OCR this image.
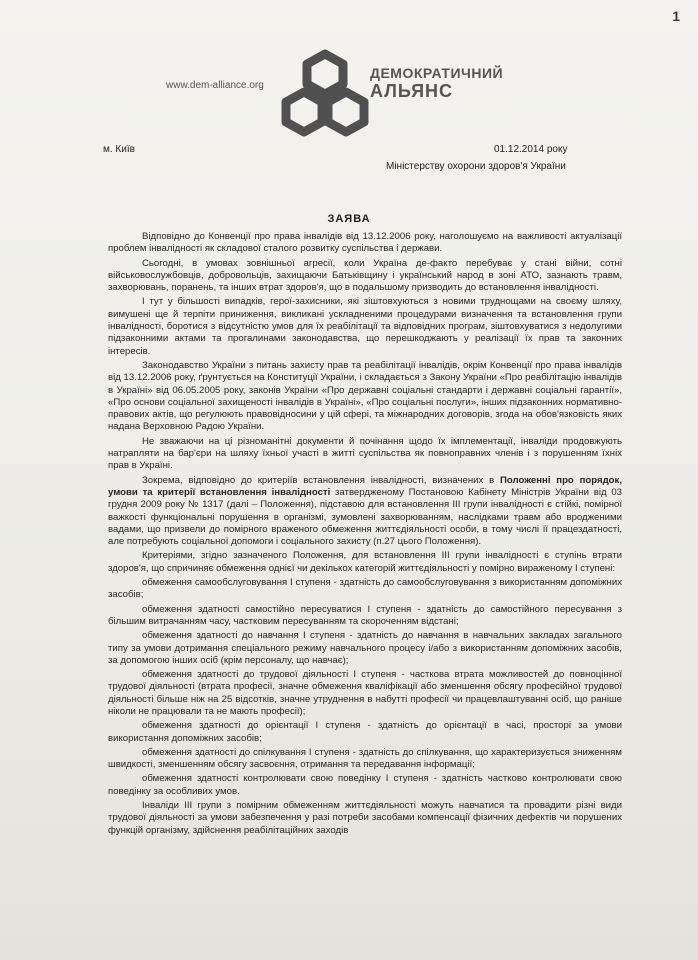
1
www.dem-alliance.org
ДЕМОКРАТИЧНИЙ
АЛЬЯНС
м. Київ	01.12.2014 року
Міністерству охорони здоров'я України
ЗАЯВА

Відповідно до Конвенції про права інвалідів від 13.12.2006 року, наголошуємо на важливості актуалізації проблем інвалідності як складової сталого розвитку суспільства і держави.

Сьогодні, в умовах зовнішньої агресії, коли Україна де-факто перебуває у стані війни, сотні військовослужбовців, добровольців, захищаючи Батьківщину і український народ в зоні АТО, зазнають травм, захворювань, поранень, та інших втрат здоров'я, що в подальшому призводить до встановлення інвалідності.

І тут у більшості випадків, герої-захисники, які зіштовхуються з новими труднощами на своєму шляху, вимушені ще й терпіти приниження, викликані ускладненими процедурами визначення та встановлення групи інвалідності, боротися з відсутністю умов для їх реабілітації та відповідних програм, зіштовхуватися з недолугими підзаконними актами та прогалинами законодавства, що перешкоджають у реалізації їх прав та законних інтересів.

Законодавство України з питань захисту прав та реабілітації інвалідів, окрім Конвенції про права інвалідів від 13.12.2006 року, ґрунтується на Конституції України, і складається з Закону України «Про реабілітацію інвалідів в Україні» від 06.05.2005 року, законів України «Про державні соціальні стандарти і державні соціальні гарантії», «Про основи соціальної захищеності інвалідів в Україні», «Про соціальні послуги», інших підзаконних нормативно-правових актів, що регулюють правовідносини у цій сфері, та міжнародних договорів, згода на обов'язковість яких надана Верховною Радою України.

Не зважаючи на ці різноманітні документи й почінання щодо їх імплементації, інваліди продовжують натрапляти на бар'єри на шляху їхньої участі в житті суспільства як повноправних членів і з порушенням їхніх прав в Україні.

Зокрема, відповідно до критеріїв встановлення інвалідності, визначених в Положенні про порядок, умови та критерії встановлення інвалідності затвердженому Постановою Кабінету Міністрів України від 03 грудня 2009 року № 1317 (далі – Положення), підставою для встановлення ІІІ групи інвалідності є стійкі, помірної важкості функціональні порушення в організмі, зумовлені захворюванням, наслідками травм або вродженими вадами, що призвели до помірного враженого обмеження життєдіяльності особи, в тому числі її працездатності, але потребують соціальної допомоги і соціального захисту (п.27 цього Положення).

Критеріями, згідно зазначеного Положення, для встановлення ІІІ групи інвалідності є ступінь втрати здоров'я, що спричиняє обмеження однієї чи декількох категорій життєдіяльності у помірно вираженому І ступені:

обмеження самообслуговування І ступеня - здатність до самообслуговування з використанням допоміжних засобів;

обмеження здатності самостійно пересуватися І ступеня - здатність до самостійного пересування з більшим витрачанням часу, частковим пересуванням та скороченням відстані;

обмеження здатності до навчання І ступеня - здатність до навчання в навчальних закладах загального типу за умови дотримання спеціального режиму навчального процесу і/або з використанням допоміжних засобів, за допомогою інших осіб (крім персоналу, що навчає);

обмеження здатності до трудової діяльності І ступеня - часткова втрата можливостей до повноцінної трудової діяльності (втрата професії, значне обмеження кваліфікації або зменшення обсягу професійної трудової діяльності більше ніж на 25 відсотків, значне утруднення в набутті професії чи працевлаштуванні осіб, що раніше ніколи не працювали та не мають професії);

обмеження здатності до орієнтації І ступеня - здатність до орієнтації в часі, просторі за умови використання допоміжних засобів;

обмеження здатності до спілкування І ступеня - здатність до спілкування, що характеризується зниженням швидкості, зменшенням обсягу засвоєння, отримання та передавання інформації;

обмеження здатності контролювати свою поведінку І ступеня - здатність частково контролювати свою поведінку за особливих умов.

Інваліди ІІІ групи з помірним обмеженням життєдіяльності можуть навчатися та провадити різні види трудової діяльності за умови забезпечення у разі потреби засобами компенсації фізичних дефектів чи порушених функцій організму, здійснення реабілітаційних заходів
